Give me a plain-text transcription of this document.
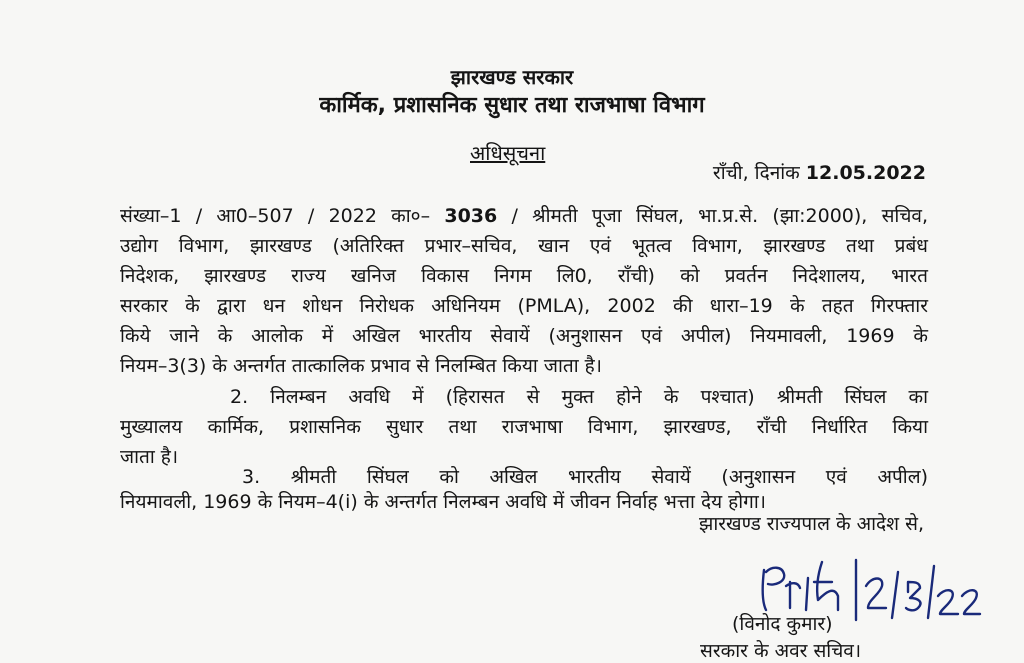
झारखण्ड सरकार
कार्मिक, प्रशासनिक सुधार तथा राजभाषा विभाग
अधिसूचना
राँची, दिनांक 12.05.2022
संख्या–1 / आ0–507 / 2022 का०– 3036 / श्रीमती पूजा सिंघल, भा.प्र.से. (झा:2000), सचिव,
उद्योग विभाग, झारखण्ड (अतिरिक्त प्रभार–सचिव, खान एवं भूतत्व विभाग, झारखण्ड तथा प्रबंध
निदेशक, झारखण्ड राज्य खनिज विकास निगम लि0, राँची) को प्रवर्तन निदेशालय, भारत
सरकार के द्वारा धन शोधन निरोधक अधिनियम (PMLA), 2002 की धारा–19 के तहत गिरफ्तार
किये जाने के आलोक में अखिल भारतीय सेवायें (अनुशासन एवं अपील) नियमावली, 1969 के
नियम–3(3) के अन्तर्गत तात्कालिक प्रभाव से निलम्बित किया जाता है।
2. निलम्बन अवधि में (हिरासत से मुक्त होने के पश्चात) श्रीमती सिंघल का
मुख्यालय कार्मिक, प्रशासनिक सुधार तथा राजभाषा विभाग, झारखण्ड, राँची निर्धारित किया
जाता है।
3. श्रीमती सिंघल को अखिल भारतीय सेवायें (अनुशासन एवं अपील)
नियमावली, 1969 के नियम–4(i) के अन्तर्गत निलम्बन अवधि में जीवन निर्वाह भत्ता देय होगा।
झारखण्ड राज्यपाल के आदेश से,
(विनोद कुमार)
सरकार के अवर सचिव।
